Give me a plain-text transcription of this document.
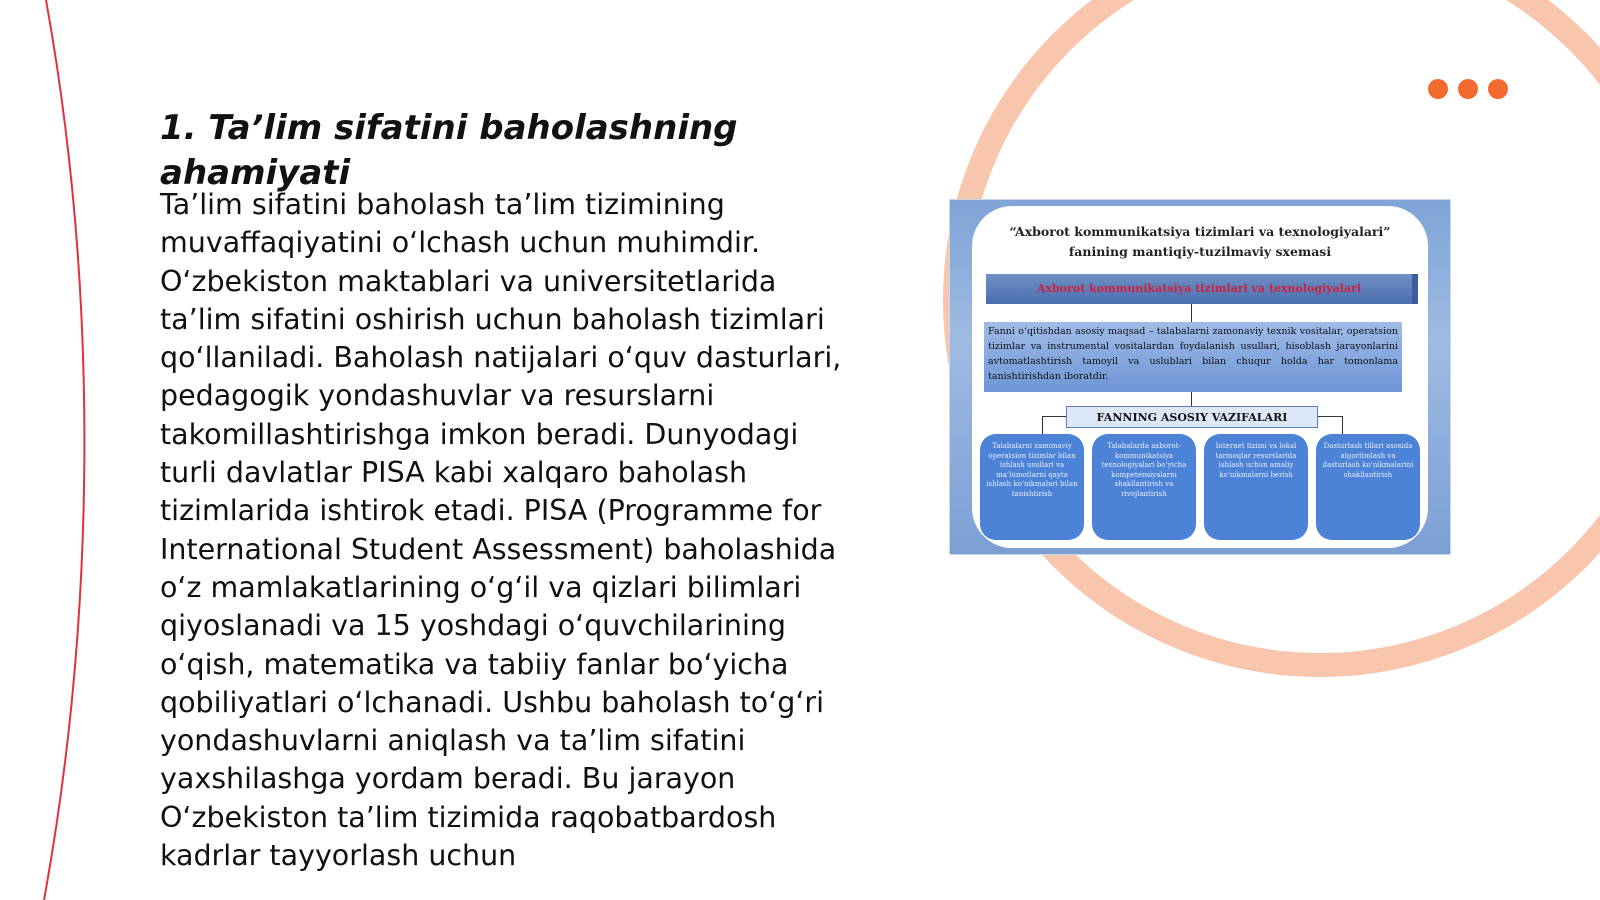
1. Ta’lim sifatini baholashning ahamiyati

Ta’lim sifatini baholash ta’lim tizimining muvaffaqiyatini o‘lchash uchun muhimdir. O‘zbekiston maktablari va universitetlarida ta’lim sifatini oshirish uchun baholash tizimlari qo‘llaniladi. Baholash natijalari o‘quv dasturlari, pedagogik yondashuvlar va resurslarni takomillashtirishga imkon beradi. Dunyodagi turli davlatlar PISA kabi xalqaro baholash tizimlarida ishtirok etadi. PISA (Programme for International Student Assessment) baholashida o‘z mamlakatlarining o‘g‘il va qizlari bilimlari qiyoslanadi va 15 yoshdagi o‘quvchilarining o‘qish, matematika va tabiiy fanlar bo‘yicha qobiliyatlari o‘lchanadi. Ushbu baholash to‘g‘ri yondashuvlarni aniqlash va ta’lim sifatini yaxshilashga yordam beradi. Bu jarayon O‘zbekiston ta’lim tizimida raqobatbardosh kadrlar tayyorlash uchun

“Axborot kommunikatsiya tizimlari va texnologiyalari”
fanining mantiqiy-tuzilmaviy sxemasi
Axborot kommunikatsiya tizimlari va texnologiyalari
Fanni o‘qitishdan asosiy maqsad – talabalarni zamonaviy texnik vositalar, operatsion tizimlar va instrumental vositalardan foydalanish usullari, hisoblash jarayonlarini avtomatlashtirish tamoyil va uslublari bilan chuqur holda har tomonlama tanishtirishdan iboratdir.
FANNING ASOSIY VAZIFALARI
Talabalarni zamonaviy operatsion tizimlar bilan ishlash usullari va ma’lumotlarni qayta ishlash ko‘nikmalari bilan tanishtirish
Talabalarda axborot-kommunikatsiya texnologiyalari bo‘yicha kompetensiyalarni shakllantirish va rivojlantirish
Internet tizimi va lokal tarmoqlar resurslarida ishlash uchun amaliy ko‘nikmalarni berish
Dasturlash tillari asosida algoritmlash va dasturlash ko‘nikmalarini shakllantirish
